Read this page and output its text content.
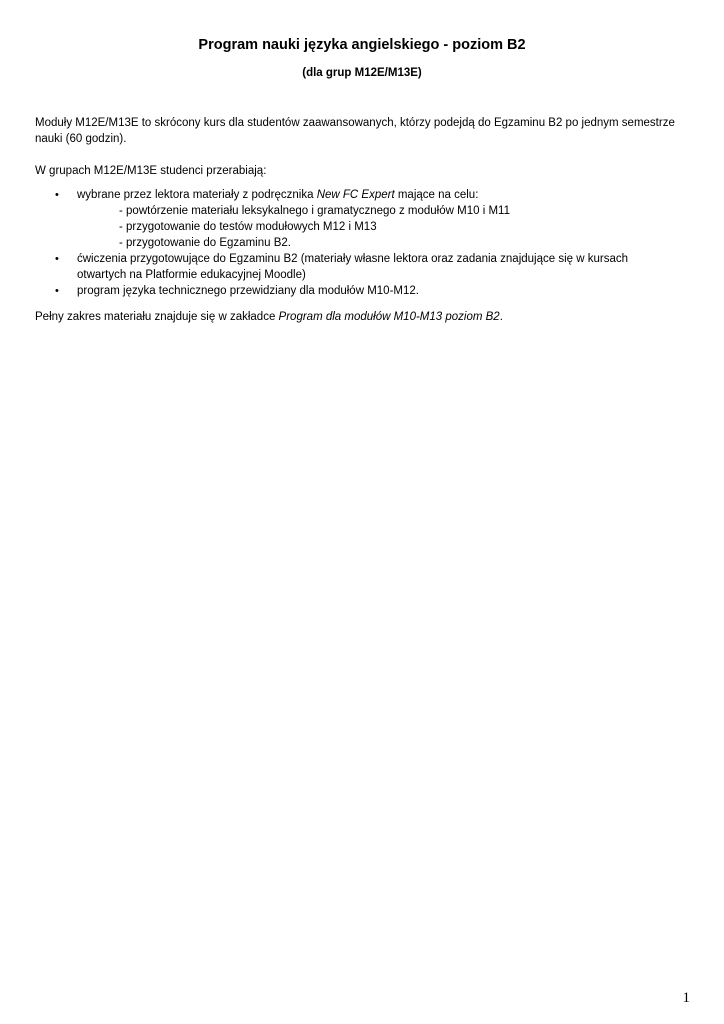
Program nauki języka angielskiego - poziom B2
(dla grup M12E/M13E)
Moduły M12E/M13E to skrócony kurs dla studentów zaawansowanych, którzy podejdą do Egzaminu B2 po jednym semestrze nauki (60 godzin).
W grupach M12E/M13E studenci przerabiają:
• wybrane przez lektora materiały z podręcznika New FC Expert mające na celu:
- powtórzenie materiału leksykalnego i gramatycznego z modułów M10 i M11
- przygotowanie do testów modułowych M12 i M13
- przygotowanie do Egzaminu B2.
• ćwiczenia przygotowujące do Egzaminu B2 (materiały własne lektora oraz zadania znajdujące się w kursach otwartych na Platformie edukacyjnej Moodle)
• program języka technicznego przewidziany dla modułów M10-M12.
Pełny zakres materiału znajduje się w zakładce Program dla modułów M10-M13 poziom B2.
1
